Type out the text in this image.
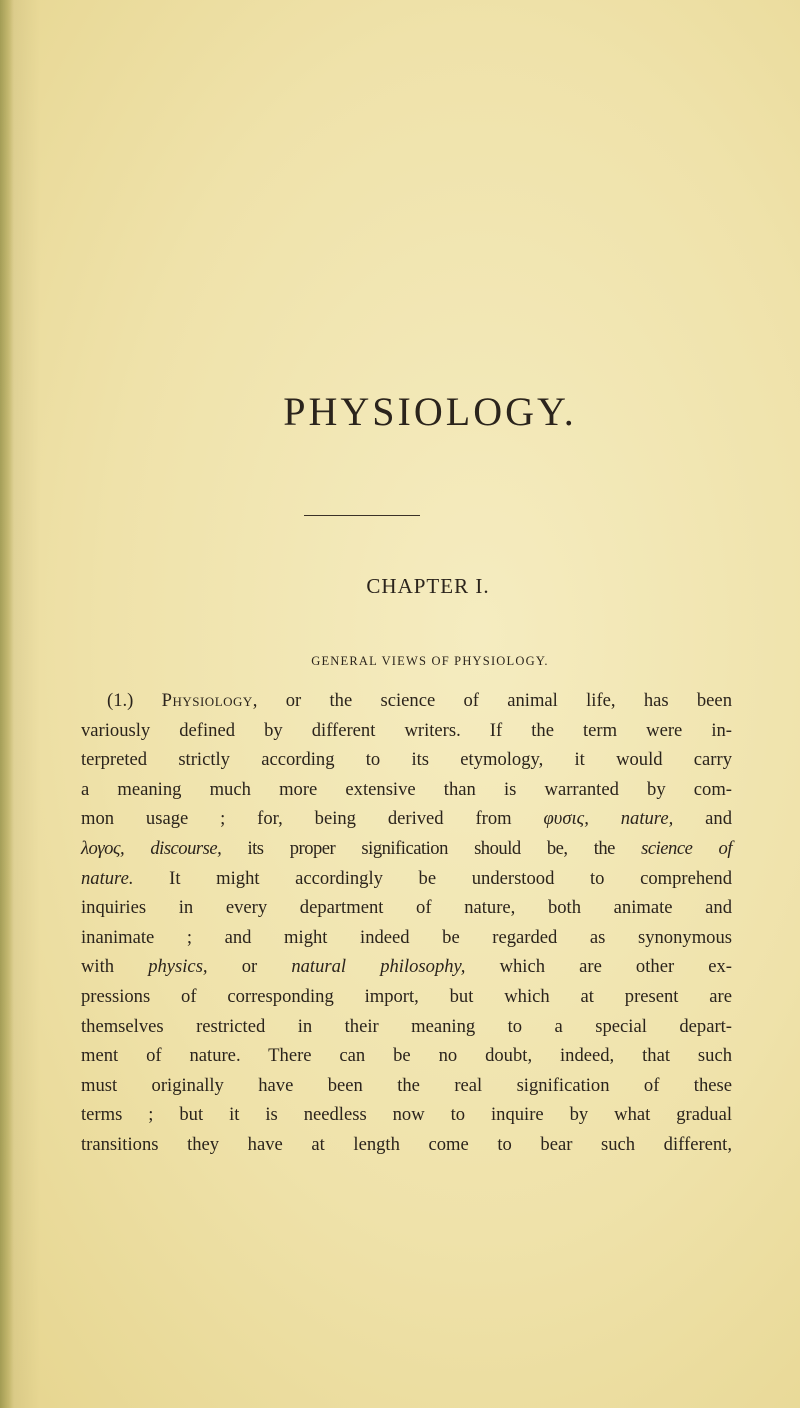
PHYSIOLOGY.
CHAPTER I.
GENERAL VIEWS OF PHYSIOLOGY.
(1.) Physiology, or the science of animal life, has been
variously defined by different writers. If the term were in-
terpreted strictly according to its etymology, it would carry
a meaning much more extensive than is warranted by com-
mon usage ; for, being derived from φυσις, nature, and
λογος, discourse, its proper signification should be, the science of
nature. It might accordingly be understood to comprehend
inquiries in every department of nature, both animate and
inanimate ; and might indeed be regarded as synonymous
with physics, or natural philosophy, which are other ex-
pressions of corresponding import, but which at present are
themselves restricted in their meaning to a special depart-
ment of nature. There can be no doubt, indeed, that such
must originally have been the real signification of these
terms ; but it is needless now to inquire by what gradual
transitions they have at length come to bear such different,
